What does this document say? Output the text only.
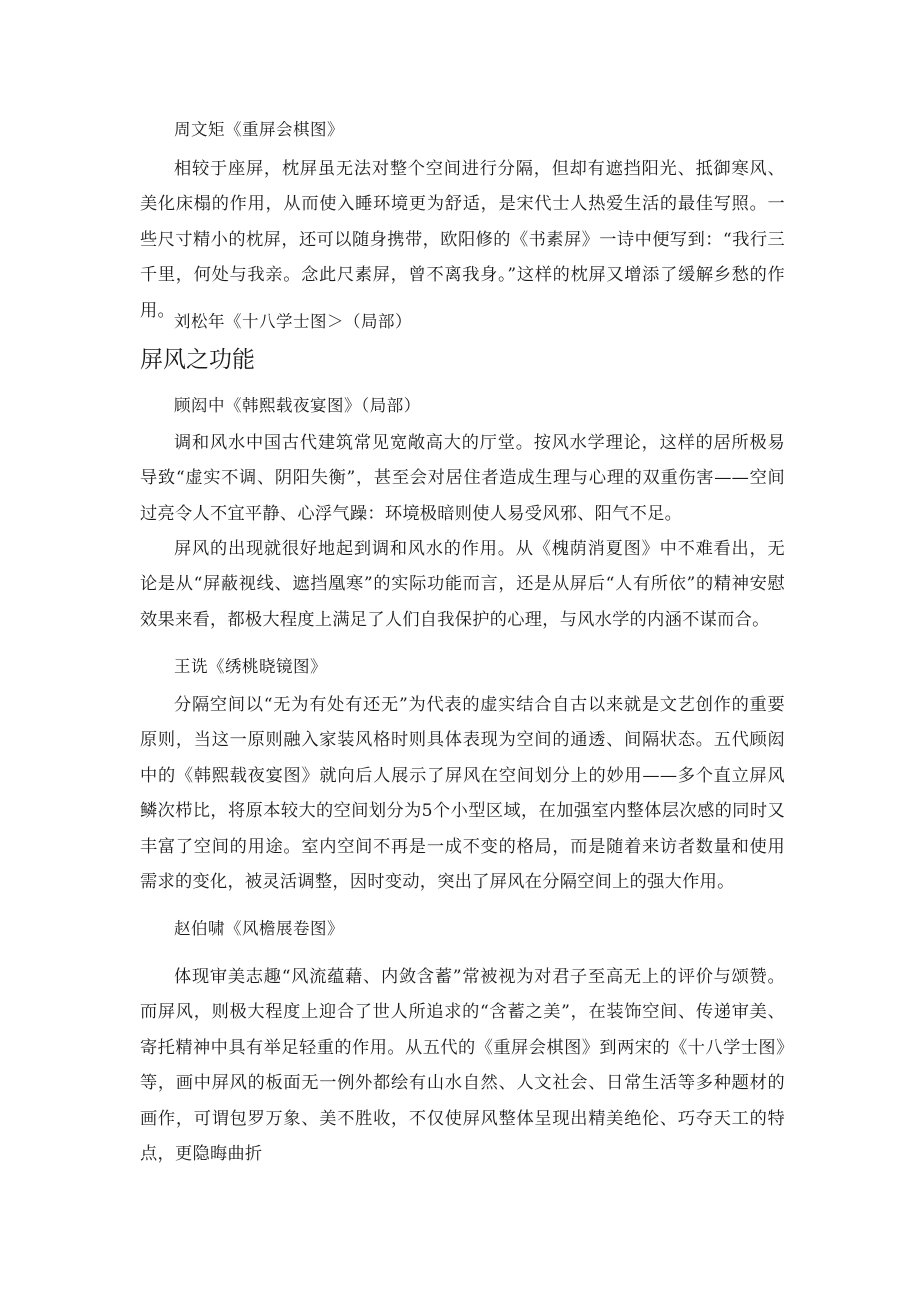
周文矩《重屏会棋图》

相较于座屏，枕屏虽无法对整个空间进行分隔，但却有遮挡阳光、抵御寒风、美化床榻的作用，从而使入睡环境更为舒适，是宋代士人热爱生活的最佳写照。一些尺寸精小的枕屏，还可以随身携带，欧阳修的《书素屏》一诗中便写到：“我行三千里，何处与我亲。念此尺素屏，曾不离我身。”这样的枕屏又增添了缓解乡愁的作用。

刘松年《十八学士图＞（局部）

屏风之功能

顾闳中《韩熙载夜宴图》（局部）

调和风水中国古代建筑常见宽敞高大的厅堂。按风水学理论，这样的居所极易导致“虚实不调、阴阳失衡”，甚至会对居住者造成生理与心理的双重伤害——空间过亮令人不宜平静、心浮气躁：环境极暗则使人易受风邪、阳气不足。

屏风的出现就很好地起到调和风水的作用。从《槐荫消夏图》中不难看出，无论是从“屏蔽视线、遮挡凰寒”的实际功能而言，还是从屏后“人有所依”的精神安慰效果来看，都极大程度上满足了人们自我保护的心理，与风水学的内涵不谋而合。

王诜《绣桃晓镜图》

分隔空间以“无为有处有还无”为代表的虚实结合自古以来就是文艺创作的重要原则，当这一原则融入家装风格时则具体表现为空间的通透、间隔状态。五代顾闳中的《韩熙载夜宴图》就向后人展示了屏风在空间划分上的妙用——多个直立屏风鳞次栉比，将原本较大的空间划分为5个小型区域，在加强室内整体层次感的同时又丰富了空间的用途。室内空间不再是一成不变的格局，而是随着来访者数量和使用需求的变化，被灵活调整，因时变动，突出了屏风在分隔空间上的强大作用。

赵伯啸《风檐展卷图》

体现审美志趣“风流蕴藉、内敛含蓄”常被视为对君子至高无上的评价与颂赞。而屏风，则极大程度上迎合了世人所追求的“含蓄之美”，在装饰空间、传递审美、寄托精神中具有举足轻重的作用。从五代的《重屏会棋图》到两宋的《十八学士图》等，画中屏风的板面无一例外都绘有山水自然、人文社会、日常生活等多种题材的画作，可谓包罗万象、美不胜收，不仅使屏风整体呈现出精美绝伦、巧夺天工的特点，更隐晦曲折
